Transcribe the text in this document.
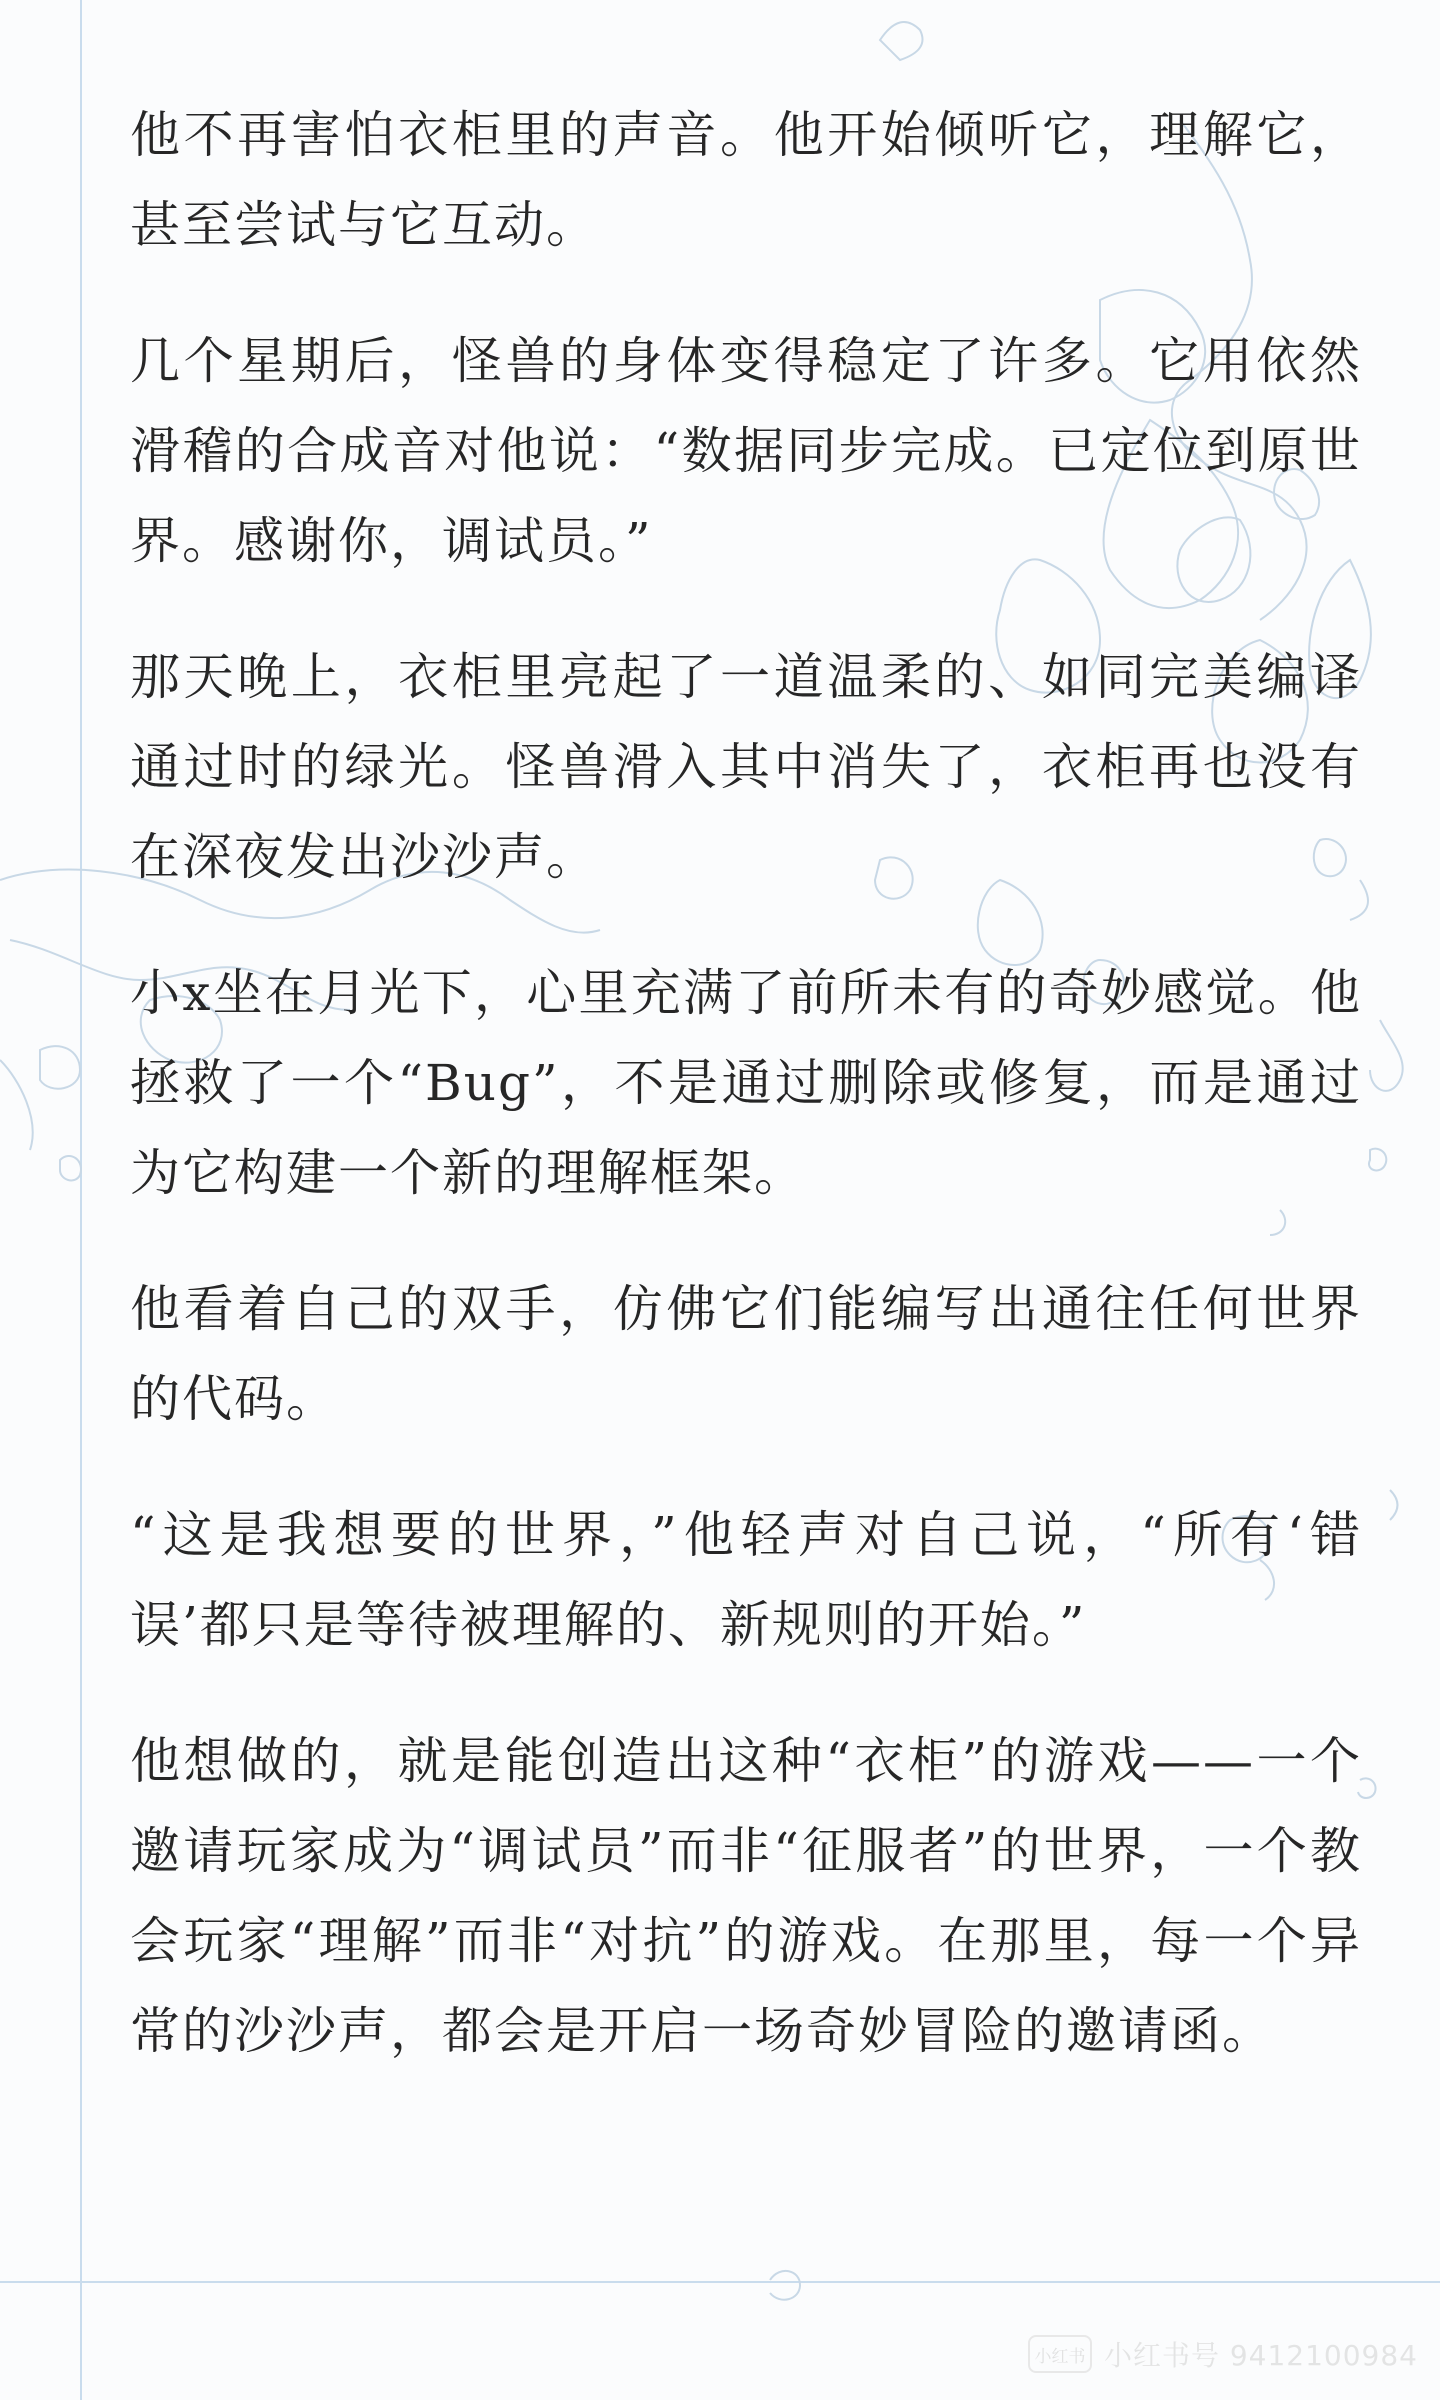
他不再害怕衣柜里的声音。他开始倾听它，理解它，甚至尝试与它互动。

几个星期后，怪兽的身体变得稳定了许多。它用依然滑稽的合成音对他说：“数据同步完成。已定位到原世界。感谢你，调试员。”

那天晚上，衣柜里亮起了一道温柔的、如同完美编译通过时的绿光。怪兽滑入其中消失了，衣柜再也没有在深夜发出沙沙声。

小x坐在月光下，心里充满了前所未有的奇妙感觉。他拯救了一个“Bug”，不是通过删除或修复，而是通过为它构建一个新的理解框架。

他看着自己的双手，仿佛它们能编写出通往任何世界的代码。

“这是我想要的世界，”他轻声对自己说，“所有‘错误’都只是等待被理解的、新规则的开始。”

他想做的，就是能创造出这种“衣柜”的游戏——一个邀请玩家成为“调试员”而非“征服者”的世界，一个教会玩家“理解”而非“对抗”的游戏。在那里，每一个异常的沙沙声，都会是开启一场奇妙冒险的邀请函。

小红书 小红书号 9412100984
